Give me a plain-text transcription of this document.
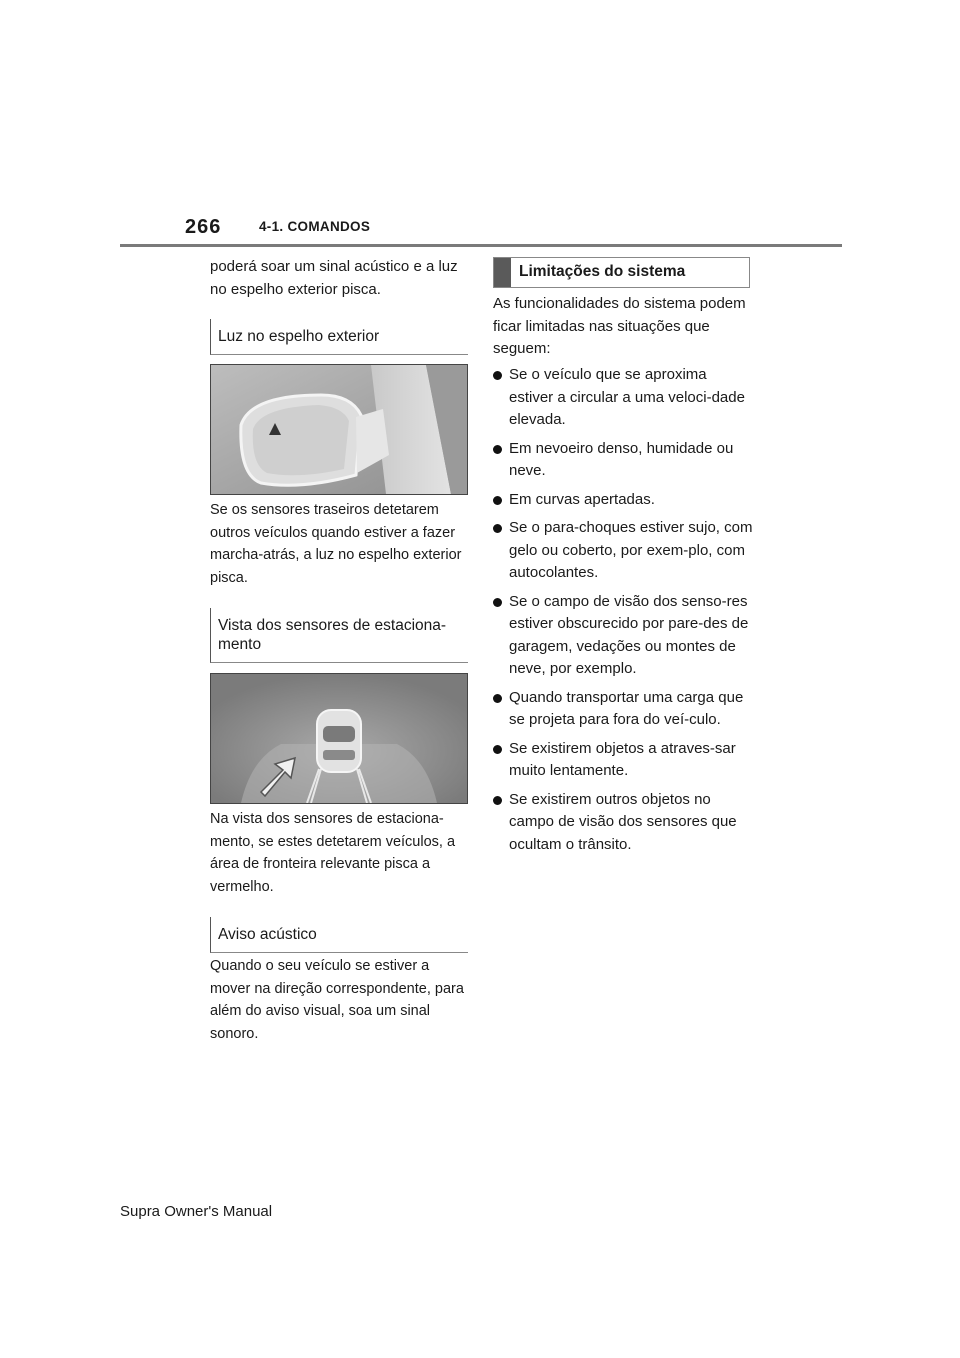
266	4-1. COMANDOS
poderá soar um sinal acústico e a luz no espelho exterior pisca.
Luz no espelho exterior
Se os sensores traseiros detetarem outros veículos quando estiver a fazer marcha-atrás, a luz no espelho exterior pisca.
Vista dos sensores de estaciona-mento
Na vista dos sensores de estaciona-mento, se estes detetarem veículos, a área de fronteira relevante pisca a vermelho.
Aviso acústico
Quando o seu veículo se estiver a mover na direção correspondente, para além do aviso visual, soa um sinal sonoro.
Limitações do sistema
As funcionalidades do sistema podem ficar limitadas nas situações que seguem:
Se o veículo que se aproxima estiver a circular a uma veloci-dade elevada.
Em nevoeiro denso, humidade ou neve.
Em curvas apertadas.
Se o para-choques estiver sujo, com gelo ou coberto, por exem-plo, com autocolantes.
Se o campo de visão dos senso-res estiver obscurecido por pare-des de garagem, vedações ou montes de neve, por exemplo.
Quando transportar uma carga que se projeta para fora do veí-culo.
Se existirem objetos a atraves-sar muito lentamente.
Se existirem outros objetos no campo de visão dos sensores que ocultam o trânsito.
Supra Owner's Manual
